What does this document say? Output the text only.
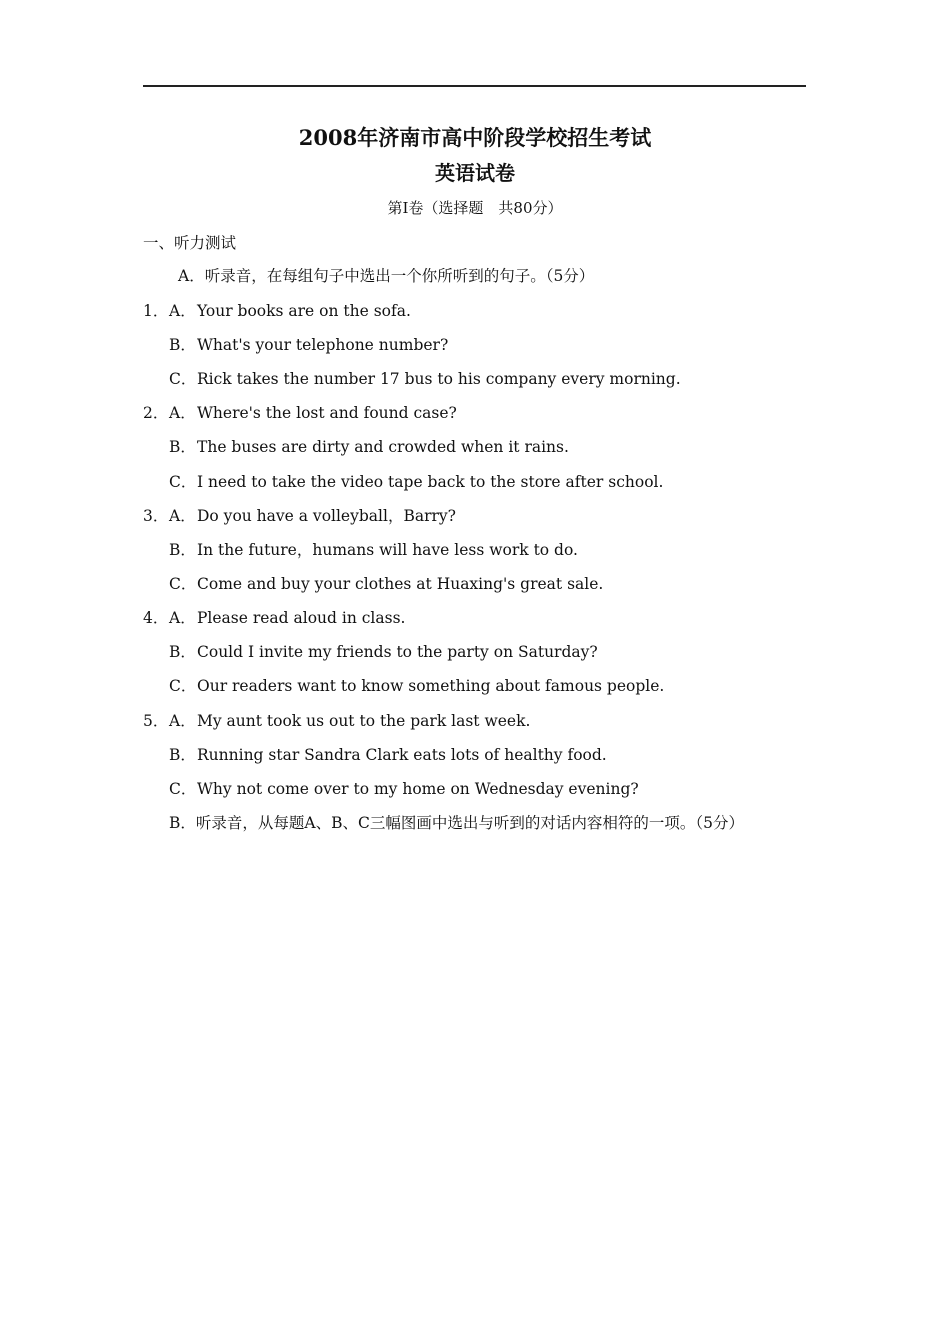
2008年济南市高中阶段学校招生考试
英语试卷
第Ⅰ卷（选择题　共80分）
一、听力测试
A．听录音，在每组句子中选出一个你所听到的句子。（5分）
1．A．Your books are on the sofa.
B．What's your telephone number?
C．Rick takes the number 17 bus to his company every morning.
2．A．Where's the lost and found case?
B．The buses are dirty and crowded when it rains.
C．I need to take the video tape back to the store after school.
3．A．Do you have a volleyball，Barry?
B．In the future，humans will have less work to do.
C．Come and buy your clothes at Huaxing's great sale.
4．A．Please read aloud in class.
B．Could I invite my friends to the party on Saturday?
C．Our readers want to know something about famous people.
5．A．My aunt took us out to the park last week.
B．Running star Sandra Clark eats lots of healthy food.
C．Why not come over to my home on Wednesday evening?
B．听录音，从每题A、B、C三幅图画中选出与听到的对话内容相符的一项。（5分）
